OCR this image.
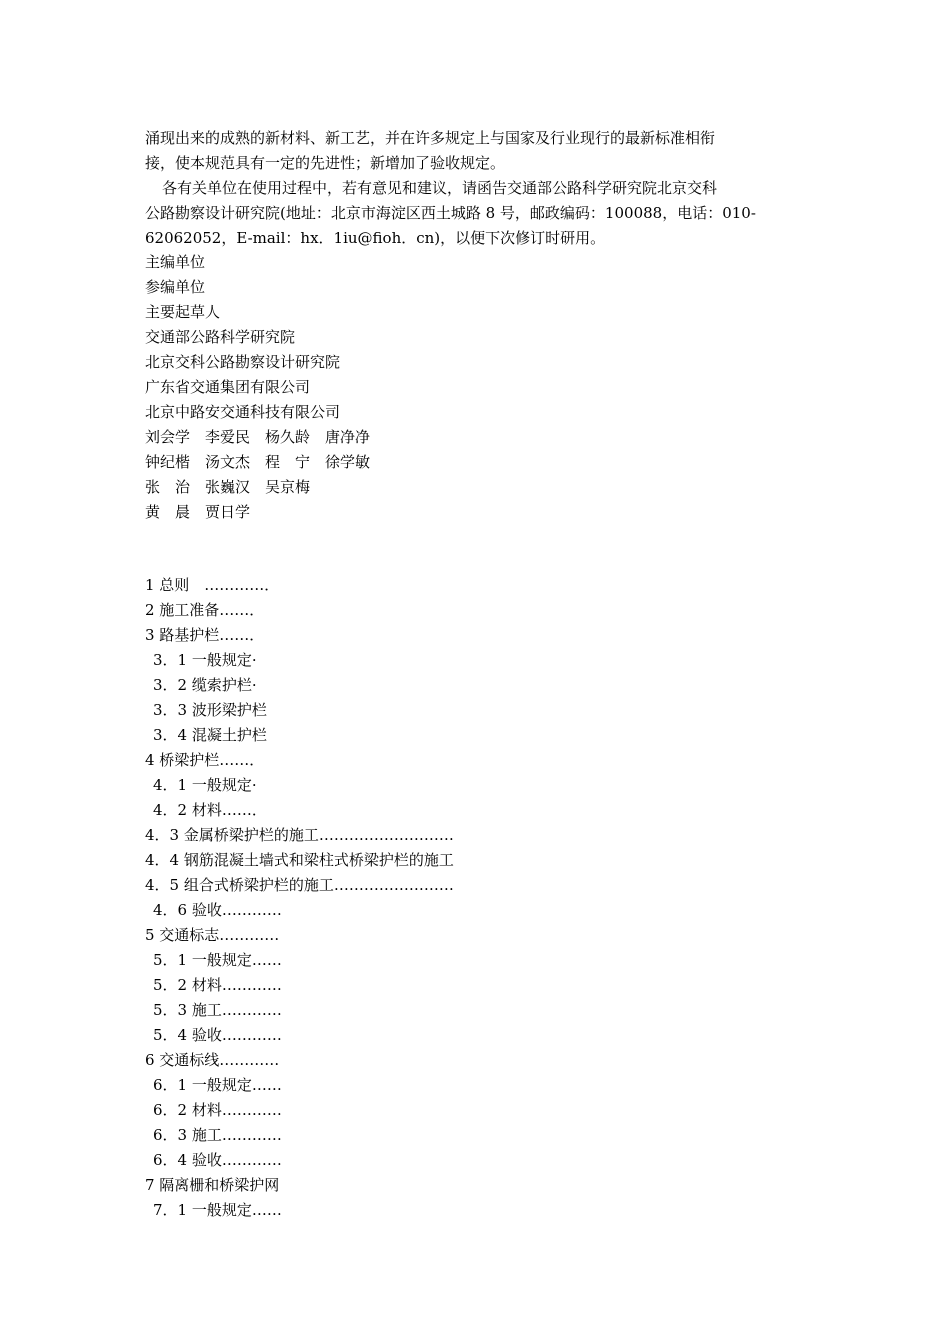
涌现出来的成熟的新材料、新工艺，并在许多规定上与国家及行业现行的最新标准相衔
接，使本规范具有一定的先进性；新增加了验收规定。
各有关单位在使用过程中，若有意见和建议，请函告交通部公路科学研究院北京交科
公路勘察设计研究院(地址：北京市海淀区西土城路 8 号，邮政编码：100088，电话：010-
62062052，E-mail：hx．1iu@fioh．cn)，以便下次修订时研用。
主编单位
参编单位
主要起草人
交通部公路科学研究院
北京交科公路勘察设计研究院
广东省交通集团有限公司
北京中路安交通科技有限公司
刘会学　李爱民　杨久龄　唐净净
钟纪楷　汤文杰　程　宁　徐学敏
张　治　张巍汉　吴京梅
黄　晨　贾日学
1 总则　…………．
2 施工准备……．
3 路基护栏……．
3．1 一般规定·
3．2 缆索护栏·
3．3 波形梁护栏
3．4 混凝土护栏
4 桥梁护栏……．
4．1 一般规定·
4．2 材料……．
4．3 金属桥梁护栏的施工………………………
4．4 钢筋混凝土墙式和梁柱式桥梁护栏的施工
4．5 组合式桥梁护栏的施工……………………
4．6 验收…………
5 交通标志…………
5．1 一般规定……
5．2 材料…………
5．3 施工…………
5．4 验收…………
6 交通标线…………
6．1 一般规定……
6．2 材料…………
6．3 施工…………
6．4 验收…………
7 隔离栅和桥梁护网
7．1 一般规定……
